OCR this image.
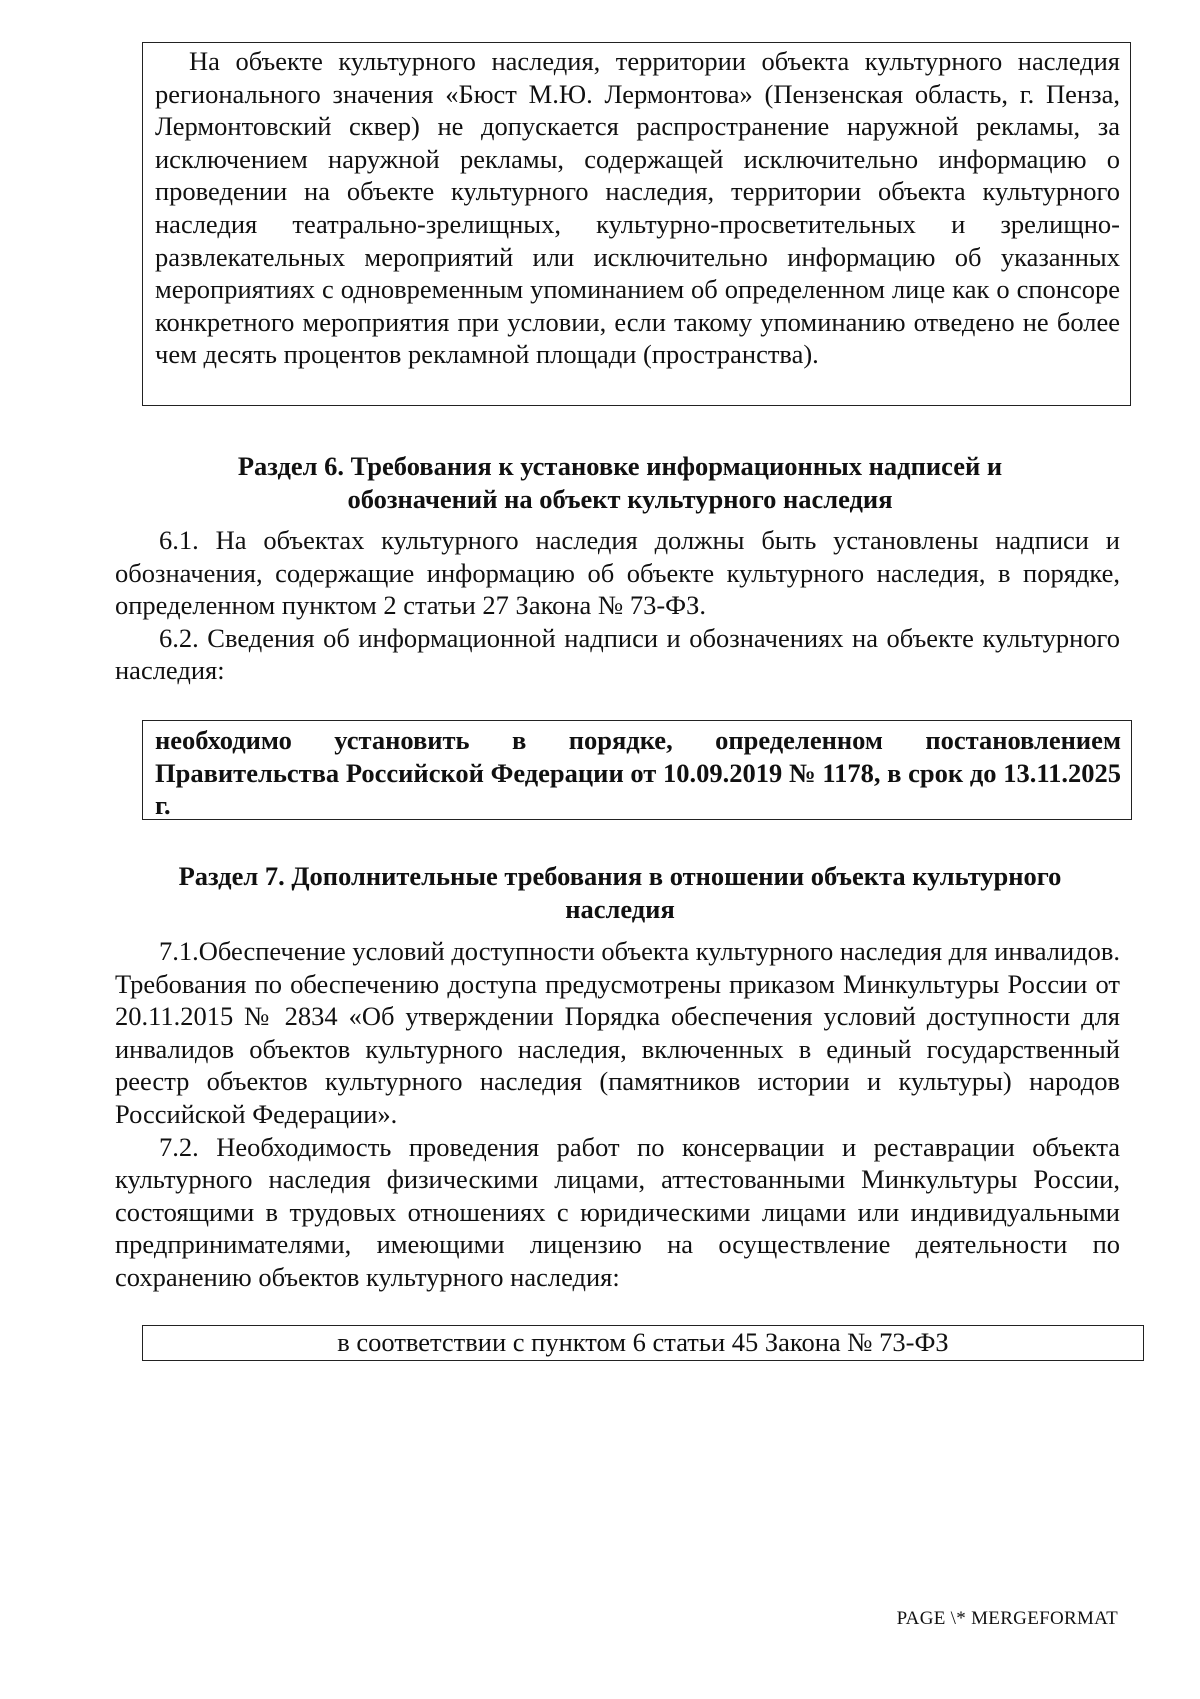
На объекте культурного наследия, территории объекта культурного наследия регионального значения «Бюст М.Ю. Лермонтова» (Пензенская область, г. Пенза, Лермонтовский сквер) не допускается распространение наружной рекламы, за исключением наружной рекламы, содержащей исключительно информацию о проведении на объекте культурного наследия, территории объекта культурного наследия театрально-зрелищных, культурно-просветительных и зрелищно-развлекательных мероприятий или исключительно информацию об указанных мероприятиях с одновременным упоминанием об определенном лице как о спонсоре конкретного мероприятия при условии, если такому упоминанию отведено не более чем десять процентов рекламной площади (пространства).

Раздел 6. Требования к установке информационных надписей и
обозначений на объект культурного наследия

6.1. На объектах культурного наследия должны быть установлены надписи и обозначения, содержащие информацию об объекте культурного наследия, в порядке, определенном пунктом 2 статьи 27 Закона № 73-ФЗ.

6.2. Сведения об информационной надписи и обозначениях на объекте культурного наследия:

необходимо установить в порядке, определенном постановлением Правительства Российской Федерации от 10.09.2019 № 1178, в срок до 13.11.2025 г.

Раздел 7. Дополнительные требования в отношении объекта культурного
наследия

7.1.Обеспечение условий доступности объекта культурного наследия для инвалидов. Требования по обеспечению доступа предусмотрены приказом Минкультуры России от 20.11.2015 № 2834 «Об утверждении Порядка обеспечения условий доступности для инвалидов объектов культурного наследия, включенных в единый государственный реестр объектов культурного наследия (памятников истории и культуры) народов Российской Федерации».

7.2. Необходимость проведения работ по консервации и реставрации объекта культурного наследия физическими лицами, аттестованными Минкультуры России, состоящими в трудовых отношениях с юридическими лицами или индивидуальными предпринимателями, имеющими лицензию на осуществление деятельности по сохранению объектов культурного наследия:

в соответствии с пунктом 6 статьи 45 Закона № 73-ФЗ
PAGE \* MERGEFORMAT
